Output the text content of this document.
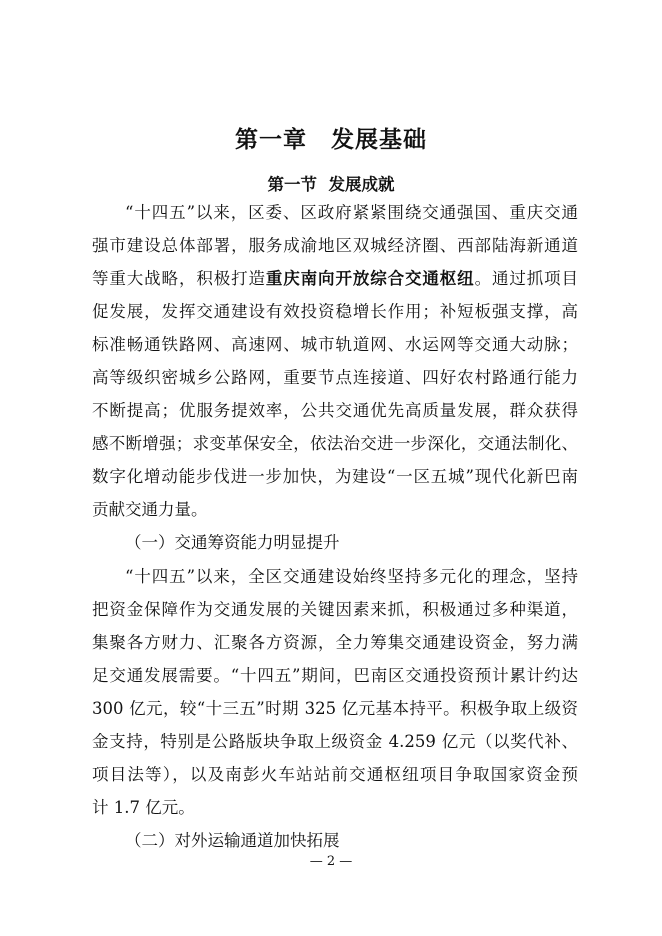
第一章　发展基础
第一节  发展成就
“十四五”以来，区委、区政府紧紧围绕交通强国、重庆交通
强市建设总体部署，服务成渝地区双城经济圈、西部陆海新通道
等重大战略，积极打造重庆南向开放综合交通枢纽。通过抓项目
促发展，发挥交通建设有效投资稳增长作用；补短板强支撑，高
标准畅通铁路网、高速网、城市轨道网、水运网等交通大动脉；
高等级织密城乡公路网，重要节点连接道、四好农村路通行能力
不断提高；优服务提效率，公共交通优先高质量发展，群众获得
感不断增强；求变革保安全，依法治交进一步深化，交通法制化、
数字化增动能步伐进一步加快，为建设“一区五城”现代化新巴南
贡献交通力量。
（一）交通筹资能力明显提升
“十四五”以来，全区交通建设始终坚持多元化的理念，坚持
把资金保障作为交通发展的关键因素来抓，积极通过多种渠道，
集聚各方财力、汇聚各方资源，全力筹集交通建设资金，努力满
足交通发展需要。“十四五”期间，巴南区交通投资预计累计约达
300 亿元，较“十三五”时期 325 亿元基本持平。积极争取上级资
金支持，特别是公路版块争取上级资金 4.259 亿元（以奖代补、
项目法等），以及南彭火车站站前交通枢纽项目争取国家资金预
计 1.7 亿元。
（二）对外运输通道加快拓展
— 2 —
